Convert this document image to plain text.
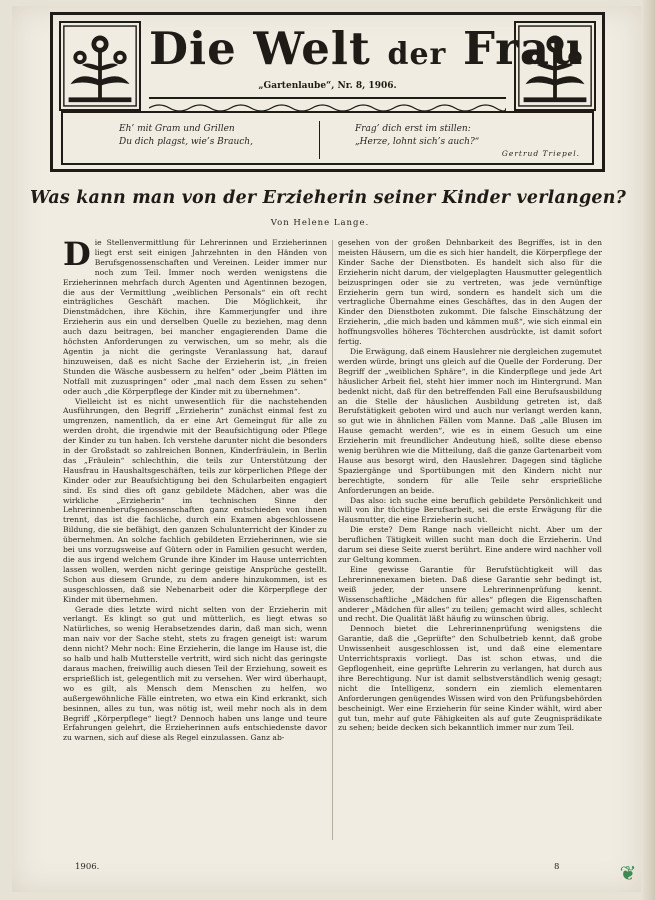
Die Welt der Frau
„Gartenlaube“, Nr. 8, 1906.
Eh’ mit Gram und Grillen
Du dich plagst, wie’s Brauch,
Frag’ dich erst im stillen:
„Herze, lohnt sich’s auch?“
Gertrud Triepel.
Was kann man von der Erzieherin seiner Kinder verlangen?
Von Helene Lange.

Die Stellenvermittlung für Lehrerinnen und Erzieherinnen liegt erst seit einigen Jahrzehnten in den Händen von Berufsgenossenschaften und Vereinen. Leider immer nur noch zum Teil. Immer noch werden wenigstens die Erzieherinnen mehrfach durch Agenten und Agentinnen bezogen, die aus der Vermittlung „weiblichen Personals“ ein oft recht einträgliches Geschäft machen. Die Möglichkeit, ihr Dienstmädchen, ihre Köchin, ihre Kammerjungfer und ihre Erzieherin aus ein und derselben Quelle zu beziehen, mag denn auch dazu beitragen, bei mancher engagierenden Dame die höchsten Anforderungen zu verwischen, um so mehr, als die Agentin ja nicht die geringste Veranlassung hat, darauf hinzuweisen, daß es nicht Sache der Erzieherin ist, „in freien Stunden die Wäsche ausbessern zu helfen“ oder „beim Plätten im Notfall mit zuzuspringen“ oder „mal nach dem Essen zu sehen“ oder auch „die Körperpflege der Kinder mit zu übernehmen“.

Vielleicht ist es nicht unwesentlich für die nachstehenden Ausführungen, den Begriff „Erzieherin“ zunächst einmal fest zu umgrenzen, namentlich, da er eine Art Gemeingut für alle zu werden droht, die irgendwie mit der Beaufsichtigung oder Pflege der Kinder zu tun haben. Ich verstehe darunter nicht die besonders in der Großstadt so zahlreichen Bonnen, Kinderfräulein, in Berlin das „Fräulein“ schlechthin, die teils zur Unterstützung der Hausfrau in Haushaltsgeschäften, teils zur körperlichen Pflege der Kinder oder zur Beaufsichtigung bei den Schularbeiten engagiert sind. Es sind dies oft ganz gebildete Mädchen, aber was die wirkliche „Erzieherin“ im technischen Sinne der Lehrerinnenberufsgenossenschaften ganz entschieden von ihnen trennt, das ist die fachliche, durch ein Examen abgeschlossene Bildung, die sie befähigt, den ganzen Schulunterricht der Kinder zu übernehmen. An solche fachlich gebildeten Erzieherinnen, wie sie bei uns vorzugsweise auf Gütern oder in Familien gesucht werden, die aus irgend welchem Grunde ihre Kinder im Hause unterrichten lassen wollen, werden nicht geringe geistige Ansprüche gestellt. Schon aus diesem Grunde, zu dem andere hinzukommen, ist es ausgeschlossen, daß sie Nebenarbeit oder die Körperpflege der Kinder mit übernehmen.

Gerade dies letzte wird nicht selten von der Erzieherin mit verlangt. Es klingt so gut und mütterlich, es liegt etwas so Natürliches, so wenig Herabsetzendes darin, daß man sich, wenn man naiv vor der Sache steht, stets zu fragen geneigt ist: warum denn nicht? Mehr noch: Eine Erzieherin, die lange im Hause ist, die so halb und halb Mutterstelle vertritt, wird sich nicht das geringste daraus machen, freiwillig auch diesen Teil der Erziehung, soweit es ersprießlich ist, gelegentlich mit zu versehen. Wer wird überhaupt, wo es gilt, als Mensch dem Menschen zu helfen, wo außergewöhnliche Fälle eintreten, wo etwa ein Kind erkrankt, sich besinnen, alles zu tun, was nötig ist, weil mehr noch als in dem Begriff „Körperpflege“ liegt? Dennoch haben uns lange und teure Erfahrungen gelehrt, die Erzieherinnen aufs entschiedenste davor zu warnen, sich auf diese als Regel einzulassen. Ganz ab-

gesehen von der großen Dehnbarkeit des Begriffes, ist in den meisten Häusern, um die es sich hier handelt, die Körperpflege der Kinder Sache der Dienstboten. Es handelt sich also für die Erzieherin nicht darum, der vielgeplagten Hausmutter gelegentlich beizuspringen oder sie zu vertreten, was jede vernünftige Erzieherin gern tun wird, sondern es handelt sich um die vertragliche Übernahme eines Geschäftes, das in den Augen der Kinder den Dienstboten zukommt. Die falsche Einschätzung der Erzieherin, „die mich baden und kämmen muß“, wie sich einmal ein hoffnungsvolles höheres Töchterchen ausdrückte, ist damit sofort fertig.

Die Erwägung, daß einem Hauslehrer nie dergleichen zugemutet werden würde, bringt uns gleich auf die Quelle der Forderung. Der Begriff der „weiblichen Sphäre“, in die Kinderpflege und jede Art häuslicher Arbeit fiel, steht hier immer noch im Hintergrund. Man bedenkt nicht, daß für den betreffenden Fall eine Berufsausbildung an die Stelle der häuslichen Ausbildung getreten ist, daß Berufstätigkeit geboten wird und auch nur verlangt werden kann, so gut wie in ähnlichen Fällen vom Manne. Daß „alle Blusen im Hause gemacht werden“, wie es in einem Gesuch um eine Erzieherin mit freundlicher Andeutung hieß, sollte diese ebenso wenig berühren wie die Mitteilung, daß die ganze Gartenarbeit vom Hause aus besorgt wird, den Hauslehrer. Dagegen sind tägliche Spaziergänge und Sportübungen mit den Kindern nicht nur berechtigte, sondern für alle Teile sehr ersprießliche Anforderungen an beide.

Das also: ich suche eine beruflich gebildete Persönlichkeit und will von ihr tüchtige Berufsarbeit, sei die erste Erwägung für die Hausmutter, die eine Erzieherin sucht.

Die erste? Dem Range nach vielleicht nicht. Aber um der beruflichen Tätigkeit willen sucht man doch die Erzieherin. Und darum sei diese Seite zuerst berührt. Eine andere wird nachher voll zur Geltung kommen.

Eine gewisse Garantie für Berufstüchtigkeit will das Lehrerinnenexamen bieten. Daß diese Garantie sehr bedingt ist, weiß jeder, der unsere Lehrerinnenprüfung kennt. Wissenschaftliche „Mädchen für alles“ pflegen die Eigenschaften anderer „Mädchen für alles“ zu teilen; gemacht wird alles, schlecht und recht. Die Qualität läßt häufig zu wünschen übrig.

Dennoch bietet die Lehrerinnenprüfung wenigstens die Garantie, daß die „Geprüfte“ den Schulbetrieb kennt, daß grobe Unwissenheit ausgeschlossen ist, und daß eine elementare Unterrichtspraxis vorliegt. Das ist schon etwas, und die Gepflogenheit, eine geprüfte Lehrerin zu verlangen, hat durch aus ihre Berechtigung. Nur ist damit selbstverständlich wenig gesagt; nicht die Intelligenz, sondern ein ziemlich elementaren Anforderungen genügendes Wissen wird von den Prüfungsbehörden bescheinigt. Wer eine Erzieherin für seine Kinder wählt, wird aber gut tun, mehr auf gute Fähigkeiten als auf gute Zeugnisprädikate zu sehen; beide decken sich bekanntlich immer nur zum Teil.

1906.	8	❦
